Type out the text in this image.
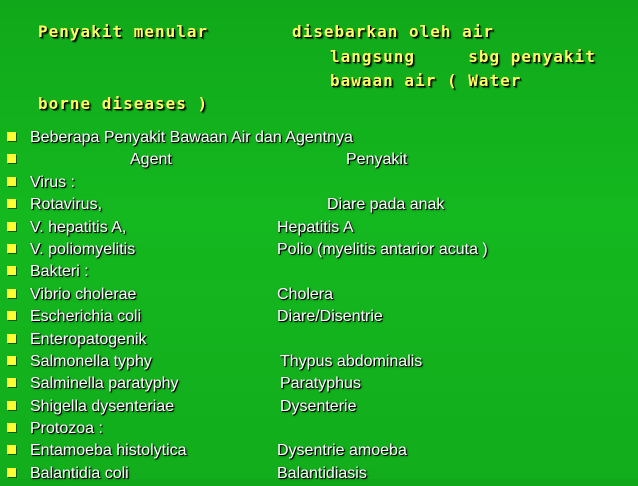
Penyakit menular	disebarkan oleh air
langsung     sbg penyakit
bawaan air ( Water
borne diseases )
Beberapa Penyakit Bawaan Air dan Agentnya
Agent	Penyakit
Virus :
Rotavirus,	Diare pada anak
V. hepatitis A,	Hepatitis A
V. poliomyelitis	Polio (myelitis antarior acuta )
Bakteri :
Vibrio cholerae	Cholera
Escherichia coli	Diare/Disentrie
Enteropatogenik
Salmonella typhy	Thypus abdominalis
Salminella paratyphy	Paratyphus
Shigella dysenteriae	Dysenterie
Protozoa :
Entamoeba histolytica	Dysentrie amoeba
Balantidia coli	Balantidiasis
